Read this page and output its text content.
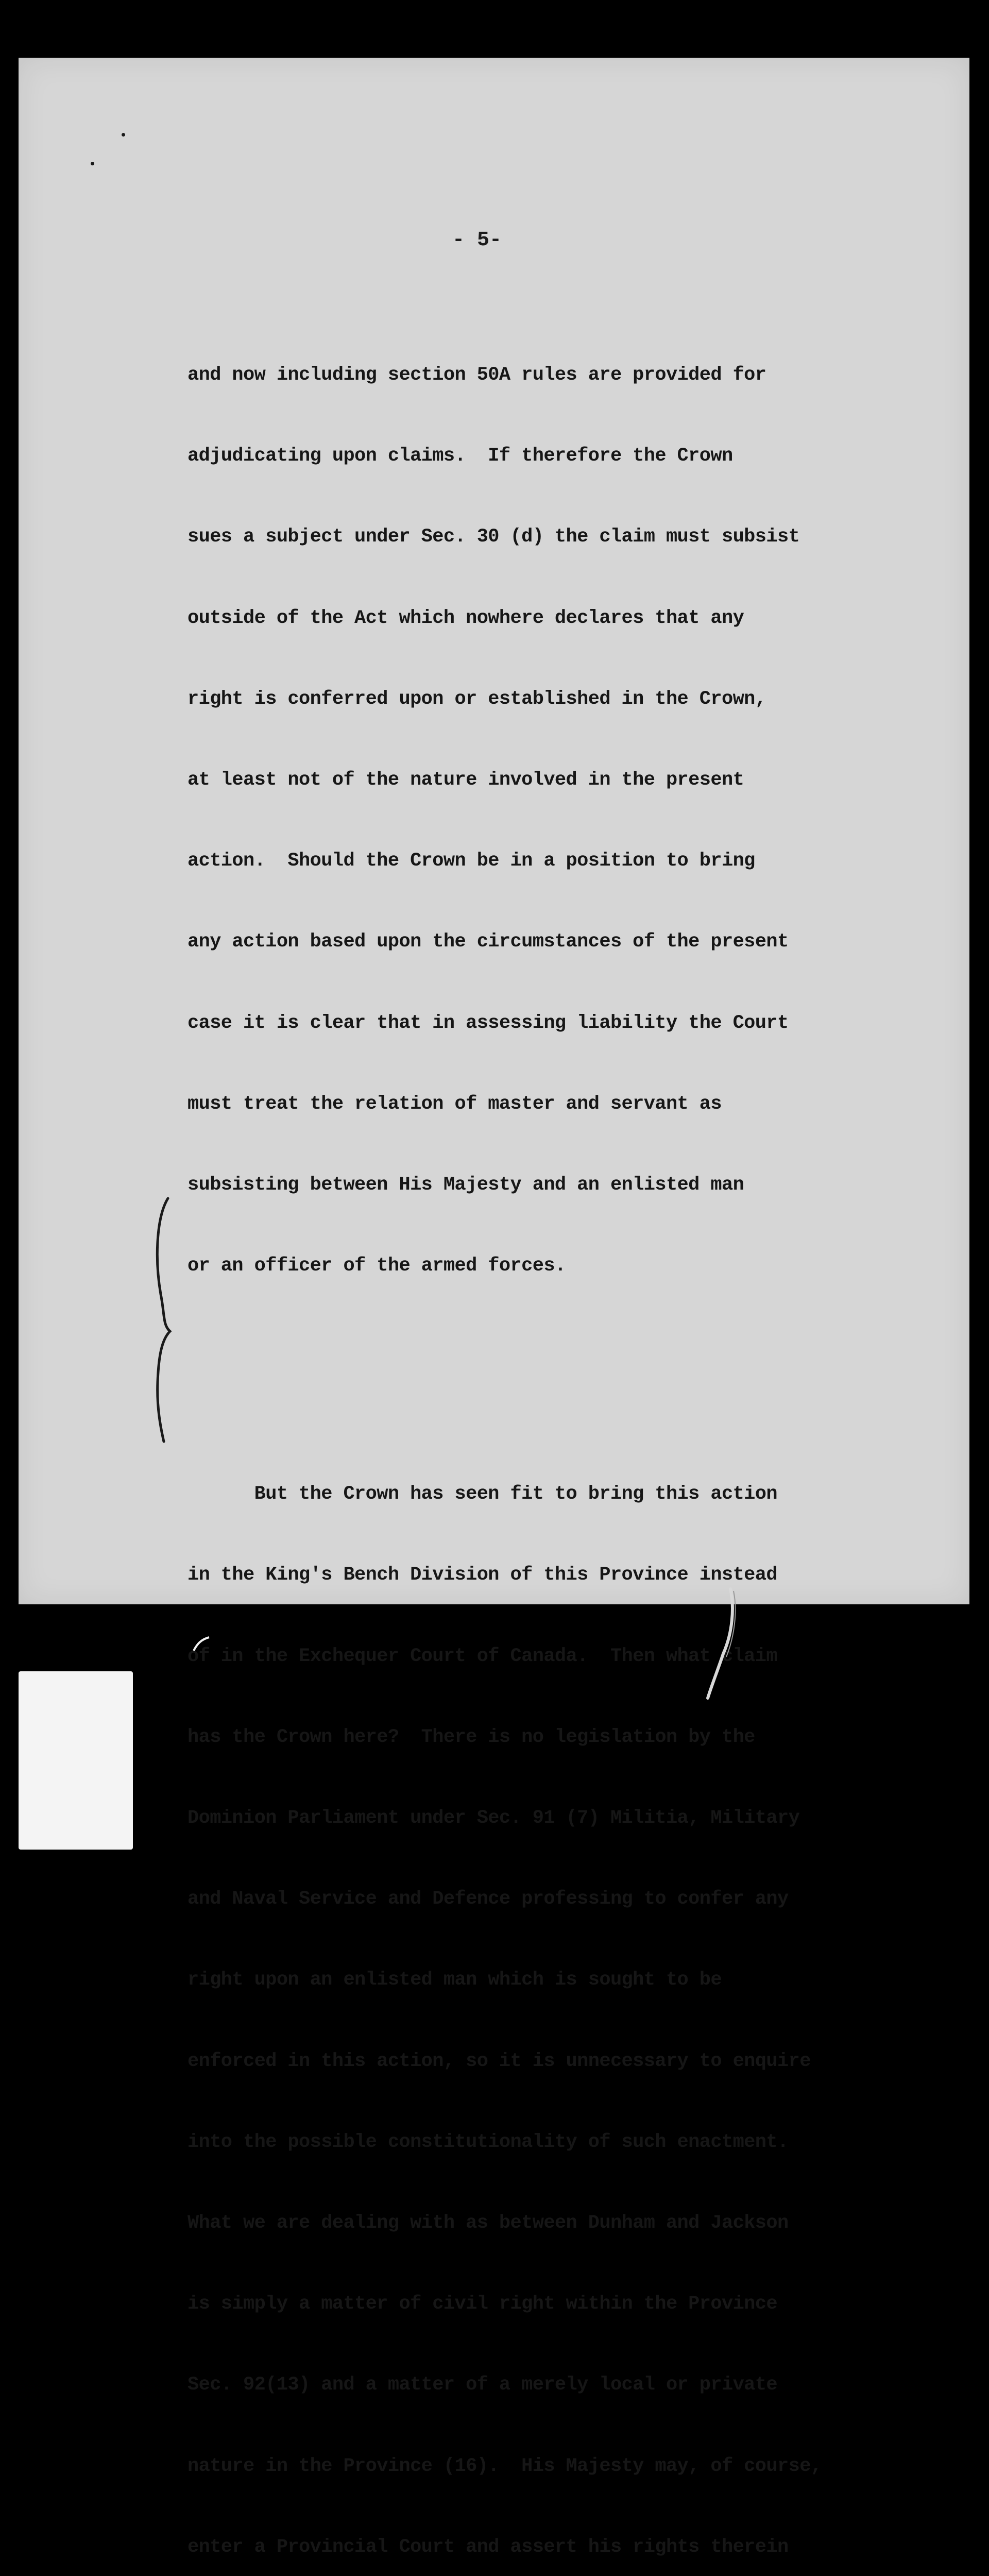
- 5-

and now including section 50A rules are provided for

adjudicating upon claims.  If therefore the Crown

sues a subject under Sec. 30 (d) the claim must subsist

outside of the Act which nowhere declares that any

right is conferred upon or established in the Crown,

at least not of the nature involved in the present

action.  Should the Crown be in a position to bring

any action based upon the circumstances of the present

case it is clear that in assessing liability the Court

must treat the relation of master and servant as

subsisting between His Majesty and an enlisted man

or an officer of the armed forces.

But the Crown has seen fit to bring this action

in the King's Bench Division of this Province instead

of in the Exchequer Court of Canada.  Then what claim

has the Crown here?  There is no legislation by the

Dominion Parliament under Sec. 91 (7) Militia, Military

and Naval Service and Defence professing to confer any

right upon an enlisted man which is sought to be

enforced in this action, so it is unnecessary to enquire

into the possible constitutionality of such enactment.

What we are dealing with as between Dunham and Jackson

is simply a matter of civil right within the Province

Sec. 92(13) and a matter of a merely local or private

nature in the Province (16).  His Majesty may, of course,

enter a Provincial Court and assert his rights therein
